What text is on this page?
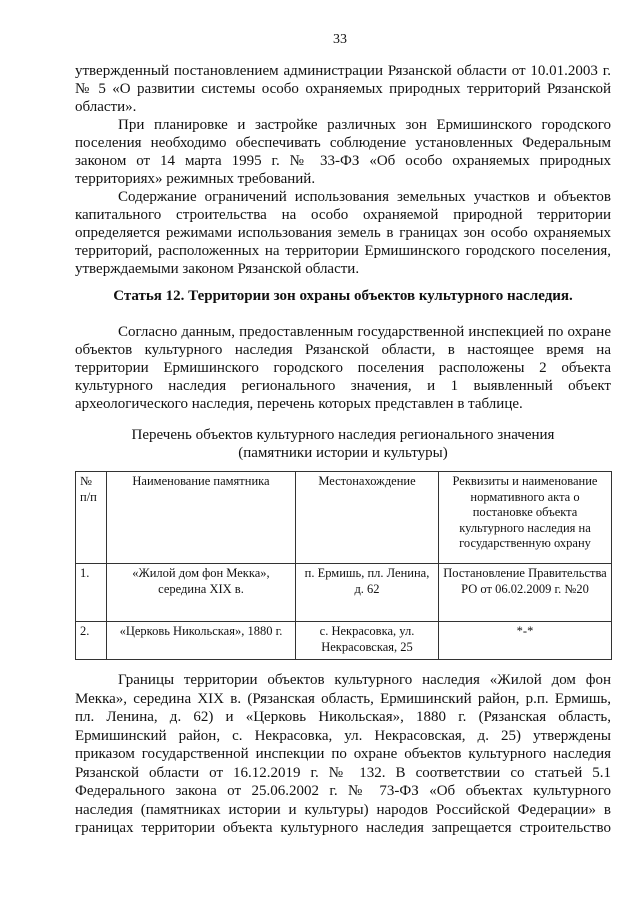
33
утвержденный постановлением администрации Рязанской области от 10.01.2003 г.
№ 5 «О развитии системы особо охраняемых природных территорий Рязанской
области».
При планировке и застройке различных зон Ермишинского городского
поселения необходимо обеспечивать соблюдение установленных Федеральным
законом от 14 марта 1995 г. № 33-ФЗ «Об особо охраняемых природных
территориях» режимных требований.
Содержание ограничений использования земельных участков и объектов
капитального строительства на особо охраняемой природной территории
определяется режимами использования земель в границах зон особо охраняемых
территорий, расположенных на территории Ермишинского городского поселения,
утверждаемыми законом Рязанской области.
Статья 12. Территории зон охраны объектов культурного наследия.
Согласно данным, предоставленным государственной инспекцией по охране
объектов культурного наследия Рязанской области, в настоящее время на
территории Ермишинского городского поселения расположены 2 объекта
культурного наследия регионального значения, и 1 выявленный объект
археологического наследия, перечень которых представлен в таблице.
Перечень объектов культурного наследия регионального значения
(памятники истории и культуры)
№ п/п	Наименование памятника	Местонахождение	Реквизиты и наименование нормативного акта о постановке объекта культурного наследия на государственную охрану
1.	«Жилой дом фон Мекка», середина XIX в.	п. Ермишь, пл. Ленина, д. 62	Постановление Правительства РО от 06.02.2009 г. №20
2.	«Церковь Никольская», 1880 г.	с. Некрасовка, ул. Некрасовская, 25	*-*
Границы территории объектов культурного наследия «Жилой дом фон
Мекка», середина XIX в. (Рязанская область, Ермишинский район, р.п. Ермишь,
пл. Ленина, д. 62) и «Церковь Никольская», 1880 г. (Рязанская область,
Ермишинский район, с. Некрасовка, ул. Некрасовская, д. 25) утверждены
приказом государственной инспекции по охране объектов культурного наследия
Рязанской области от 16.12.2019 г. № 132. В соответствии со статьей 5.1
Федерального закона от 25.06.2002 г. № 73-ФЗ «Об объектах культурного
наследия (памятниках истории и культуры) народов Российской Федерации» в
границах территории объекта культурного наследия запрещается строительство
